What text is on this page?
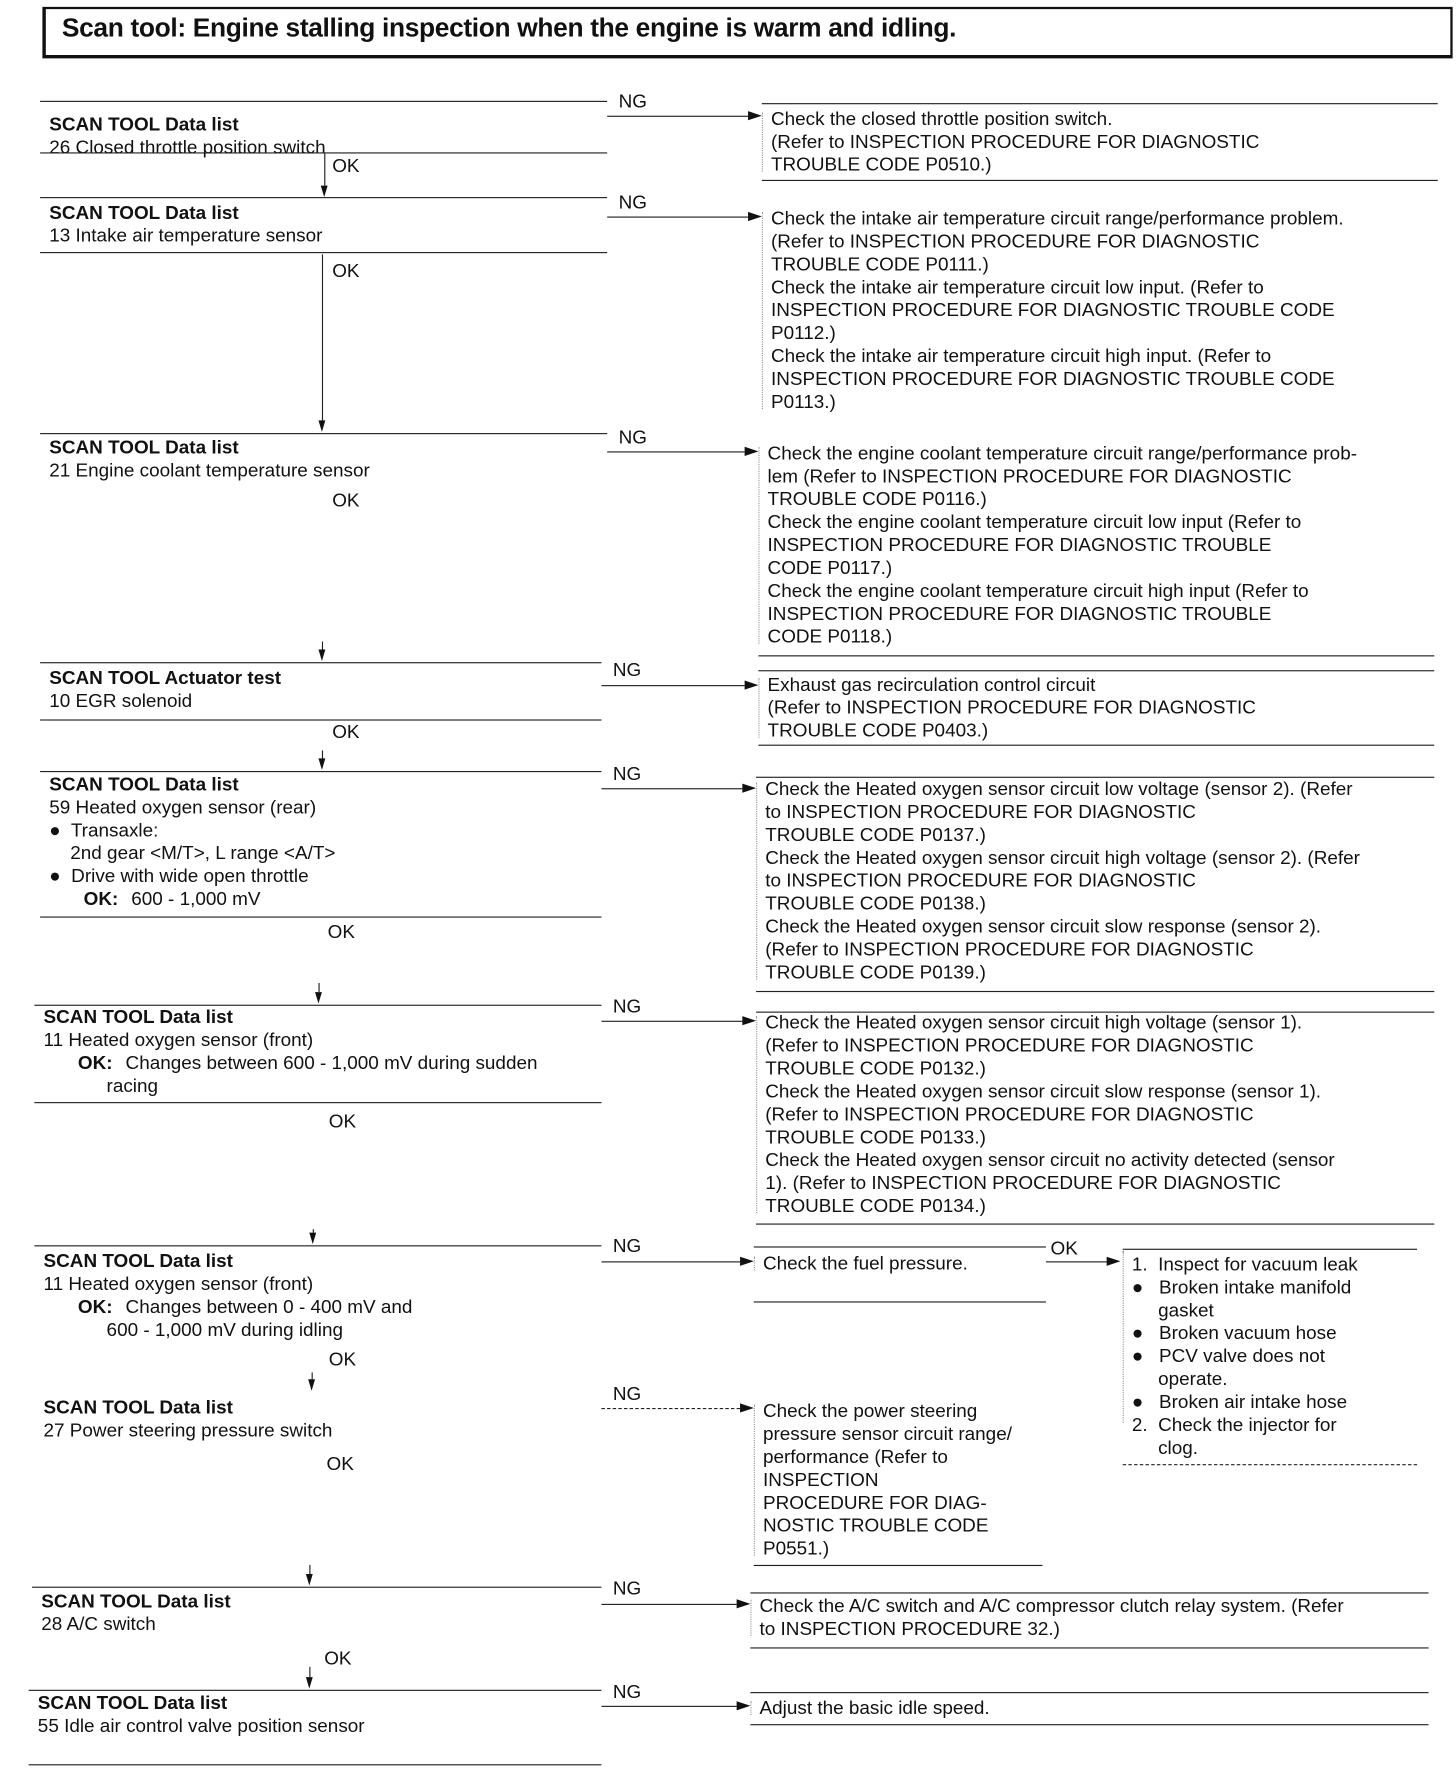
Scan tool: Engine stalling inspection when the engine is warm and idling.
SCAN TOOL Data list
26 Closed throttle position switch
NG
Check the closed throttle position switch.
(Refer to INSPECTION PROCEDURE FOR DIAGNOSTIC
TROUBLE CODE P0510.)
OK
SCAN TOOL Data list
13 Intake air temperature sensor
NG
Check the intake air temperature circuit range/performance problem.
(Refer to INSPECTION PROCEDURE FOR DIAGNOSTIC
TROUBLE CODE P0111.)
Check the intake air temperature circuit low input. (Refer to
INSPECTION PROCEDURE FOR DIAGNOSTIC TROUBLE CODE
P0112.)
Check the intake air temperature circuit high input. (Refer to
INSPECTION PROCEDURE FOR DIAGNOSTIC TROUBLE CODE
P0113.)
OK
SCAN TOOL Data list
21 Engine coolant temperature sensor
NG
Check the engine coolant temperature circuit range/performance prob-
lem (Refer to INSPECTION PROCEDURE FOR DIAGNOSTIC
TROUBLE CODE P0116.)
Check the engine coolant temperature circuit low input (Refer to
INSPECTION PROCEDURE FOR DIAGNOSTIC TROUBLE
CODE P0117.)
Check the engine coolant temperature circuit high input (Refer to
INSPECTION PROCEDURE FOR DIAGNOSTIC TROUBLE
CODE P0118.)
OK
SCAN TOOL Actuator test
10 EGR solenoid
NG
Exhaust gas recirculation control circuit
(Refer to INSPECTION PROCEDURE FOR DIAGNOSTIC
TROUBLE CODE P0403.)
OK
SCAN TOOL Data list
59 Heated oxygen sensor (rear)
●  Transaxle:
2nd gear <M/T>, L range <A/T>
●  Drive with wide open throttle
OK: 600 - 1,000 mV
NG
Check the Heated oxygen sensor circuit low voltage (sensor 2). (Refer
to INSPECTION PROCEDURE FOR DIAGNOSTIC
TROUBLE CODE P0137.)
Check the Heated oxygen sensor circuit high voltage (sensor 2). (Refer
to INSPECTION PROCEDURE FOR DIAGNOSTIC
TROUBLE CODE P0138.)
Check the Heated oxygen sensor circuit slow response (sensor 2).
(Refer to INSPECTION PROCEDURE FOR DIAGNOSTIC
TROUBLE CODE P0139.)
OK
SCAN TOOL Data list
11 Heated oxygen sensor (front)
OK: Changes between 600 - 1,000 mV during sudden
racing
NG
Check the Heated oxygen sensor circuit high voltage (sensor 1).
(Refer to INSPECTION PROCEDURE FOR DIAGNOSTIC
TROUBLE CODE P0132.)
Check the Heated oxygen sensor circuit slow response (sensor 1).
(Refer to INSPECTION PROCEDURE FOR DIAGNOSTIC
TROUBLE CODE P0133.)
Check the Heated oxygen sensor circuit no activity detected (sensor
1). (Refer to INSPECTION PROCEDURE FOR DIAGNOSTIC
TROUBLE CODE P0134.)
OK
SCAN TOOL Data list
11 Heated oxygen sensor (front)
OK: Changes between 0 - 400 mV and
600 - 1,000 mV during idling
NG
Check the fuel pressure.
OK
1.  Inspect for vacuum leak
●   Broken intake manifold
gasket
●   Broken vacuum hose
●   PCV valve does not
operate.
●   Broken air intake hose
2.  Check the injector for
clog.
OK
SCAN TOOL Data list
27 Power steering pressure switch
NG
Check the power steering
pressure sensor circuit range/
performance (Refer to
INSPECTION
PROCEDURE FOR DIAG-
NOSTIC TROUBLE CODE
P0551.)
OK
SCAN TOOL Data list
28 A/C switch
NG
Check the A/C switch and A/C compressor clutch relay system. (Refer
to INSPECTION PROCEDURE 32.)
OK
SCAN TOOL Data list
55 Idle air control valve position sensor
NG
Adjust the basic idle speed.
